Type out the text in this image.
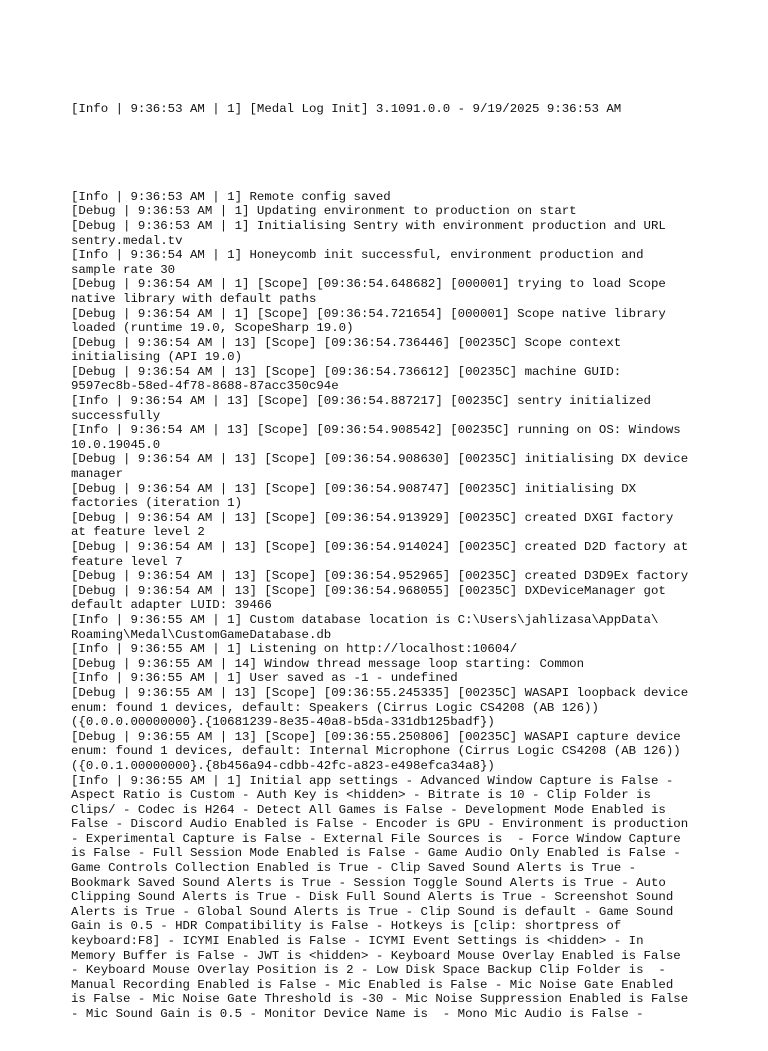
[Info | 9:36:53 AM | 1] [Medal Log Init] 3.1091.0.0 - 9/19/2025 9:36:53 AM

[Info | 9:36:53 AM | 1] Remote config saved
[Debug | 9:36:53 AM | 1] Updating environment to production on start
[Debug | 9:36:53 AM | 1] Initialising Sentry with environment production and URL
sentry.medal.tv
[Info | 9:36:54 AM | 1] Honeycomb init successful, environment production and
sample rate 30
[Debug | 9:36:54 AM | 1] [Scope] [09:36:54.648682] [000001] trying to load Scope
native library with default paths
[Debug | 9:36:54 AM | 1] [Scope] [09:36:54.721654] [000001] Scope native library
loaded (runtime 19.0, ScopeSharp 19.0)
[Debug | 9:36:54 AM | 13] [Scope] [09:36:54.736446] [00235C] Scope context
initialising (API 19.0)
[Debug | 9:36:54 AM | 13] [Scope] [09:36:54.736612] [00235C] machine GUID:
9597ec8b-58ed-4f78-8688-87acc350c94e
[Info | 9:36:54 AM | 13] [Scope] [09:36:54.887217] [00235C] sentry initialized
successfully
[Info | 9:36:54 AM | 13] [Scope] [09:36:54.908542] [00235C] running on OS: Windows
10.0.19045.0
[Debug | 9:36:54 AM | 13] [Scope] [09:36:54.908630] [00235C] initialising DX device
manager
[Debug | 9:36:54 AM | 13] [Scope] [09:36:54.908747] [00235C] initialising DX
factories (iteration 1)
[Debug | 9:36:54 AM | 13] [Scope] [09:36:54.913929] [00235C] created DXGI factory
at feature level 2
[Debug | 9:36:54 AM | 13] [Scope] [09:36:54.914024] [00235C] created D2D factory at
feature level 7
[Debug | 9:36:54 AM | 13] [Scope] [09:36:54.952965] [00235C] created D3D9Ex factory
[Debug | 9:36:54 AM | 13] [Scope] [09:36:54.968055] [00235C] DXDeviceManager got
default adapter LUID: 39466
[Info | 9:36:55 AM | 1] Custom database location is C:\Users\jahlizasa\AppData\
Roaming\Medal\CustomGameDatabase.db
[Info | 9:36:55 AM | 1] Listening on http://localhost:10604/
[Debug | 9:36:55 AM | 14] Window thread message loop starting: Common
[Info | 9:36:55 AM | 1] User saved as -1 - undefined
[Debug | 9:36:55 AM | 13] [Scope] [09:36:55.245335] [00235C] WASAPI loopback device
enum: found 1 devices, default: Speakers (Cirrus Logic CS4208 (AB 126))
({0.0.0.00000000}.{10681239-8e35-40a8-b5da-331db125badf})
[Debug | 9:36:55 AM | 13] [Scope] [09:36:55.250806] [00235C] WASAPI capture device
enum: found 1 devices, default: Internal Microphone (Cirrus Logic CS4208 (AB 126))
({0.0.1.00000000}.{8b456a94-cdbb-42fc-a823-e498efca34a8})
[Info | 9:36:55 AM | 1] Initial app settings - Advanced Window Capture is False -
Aspect Ratio is Custom - Auth Key is <hidden> - Bitrate is 10 - Clip Folder is
Clips/ - Codec is H264 - Detect All Games is False - Development Mode Enabled is
False - Discord Audio Enabled is False - Encoder is GPU - Environment is production
- Experimental Capture is False - External File Sources is  - Force Window Capture
is False - Full Session Mode Enabled is False - Game Audio Only Enabled is False -
Game Controls Collection Enabled is True - Clip Saved Sound Alerts is True -
Bookmark Saved Sound Alerts is True - Session Toggle Sound Alerts is True - Auto
Clipping Sound Alerts is True - Disk Full Sound Alerts is True - Screenshot Sound
Alerts is True - Global Sound Alerts is True - Clip Sound is default - Game Sound
Gain is 0.5 - HDR Compatibility is False - Hotkeys is [clip: shortpress of
keyboard:F8] - ICYMI Enabled is False - ICYMI Event Settings is <hidden> - In
Memory Buffer is False - JWT is <hidden> - Keyboard Mouse Overlay Enabled is False
- Keyboard Mouse Overlay Position is 2 - Low Disk Space Backup Clip Folder is  -
Manual Recording Enabled is False - Mic Enabled is False - Mic Noise Gate Enabled
is False - Mic Noise Gate Threshold is -30 - Mic Noise Suppression Enabled is False
- Mic Sound Gain is 0.5 - Monitor Device Name is  - Mono Mic Audio is False -
